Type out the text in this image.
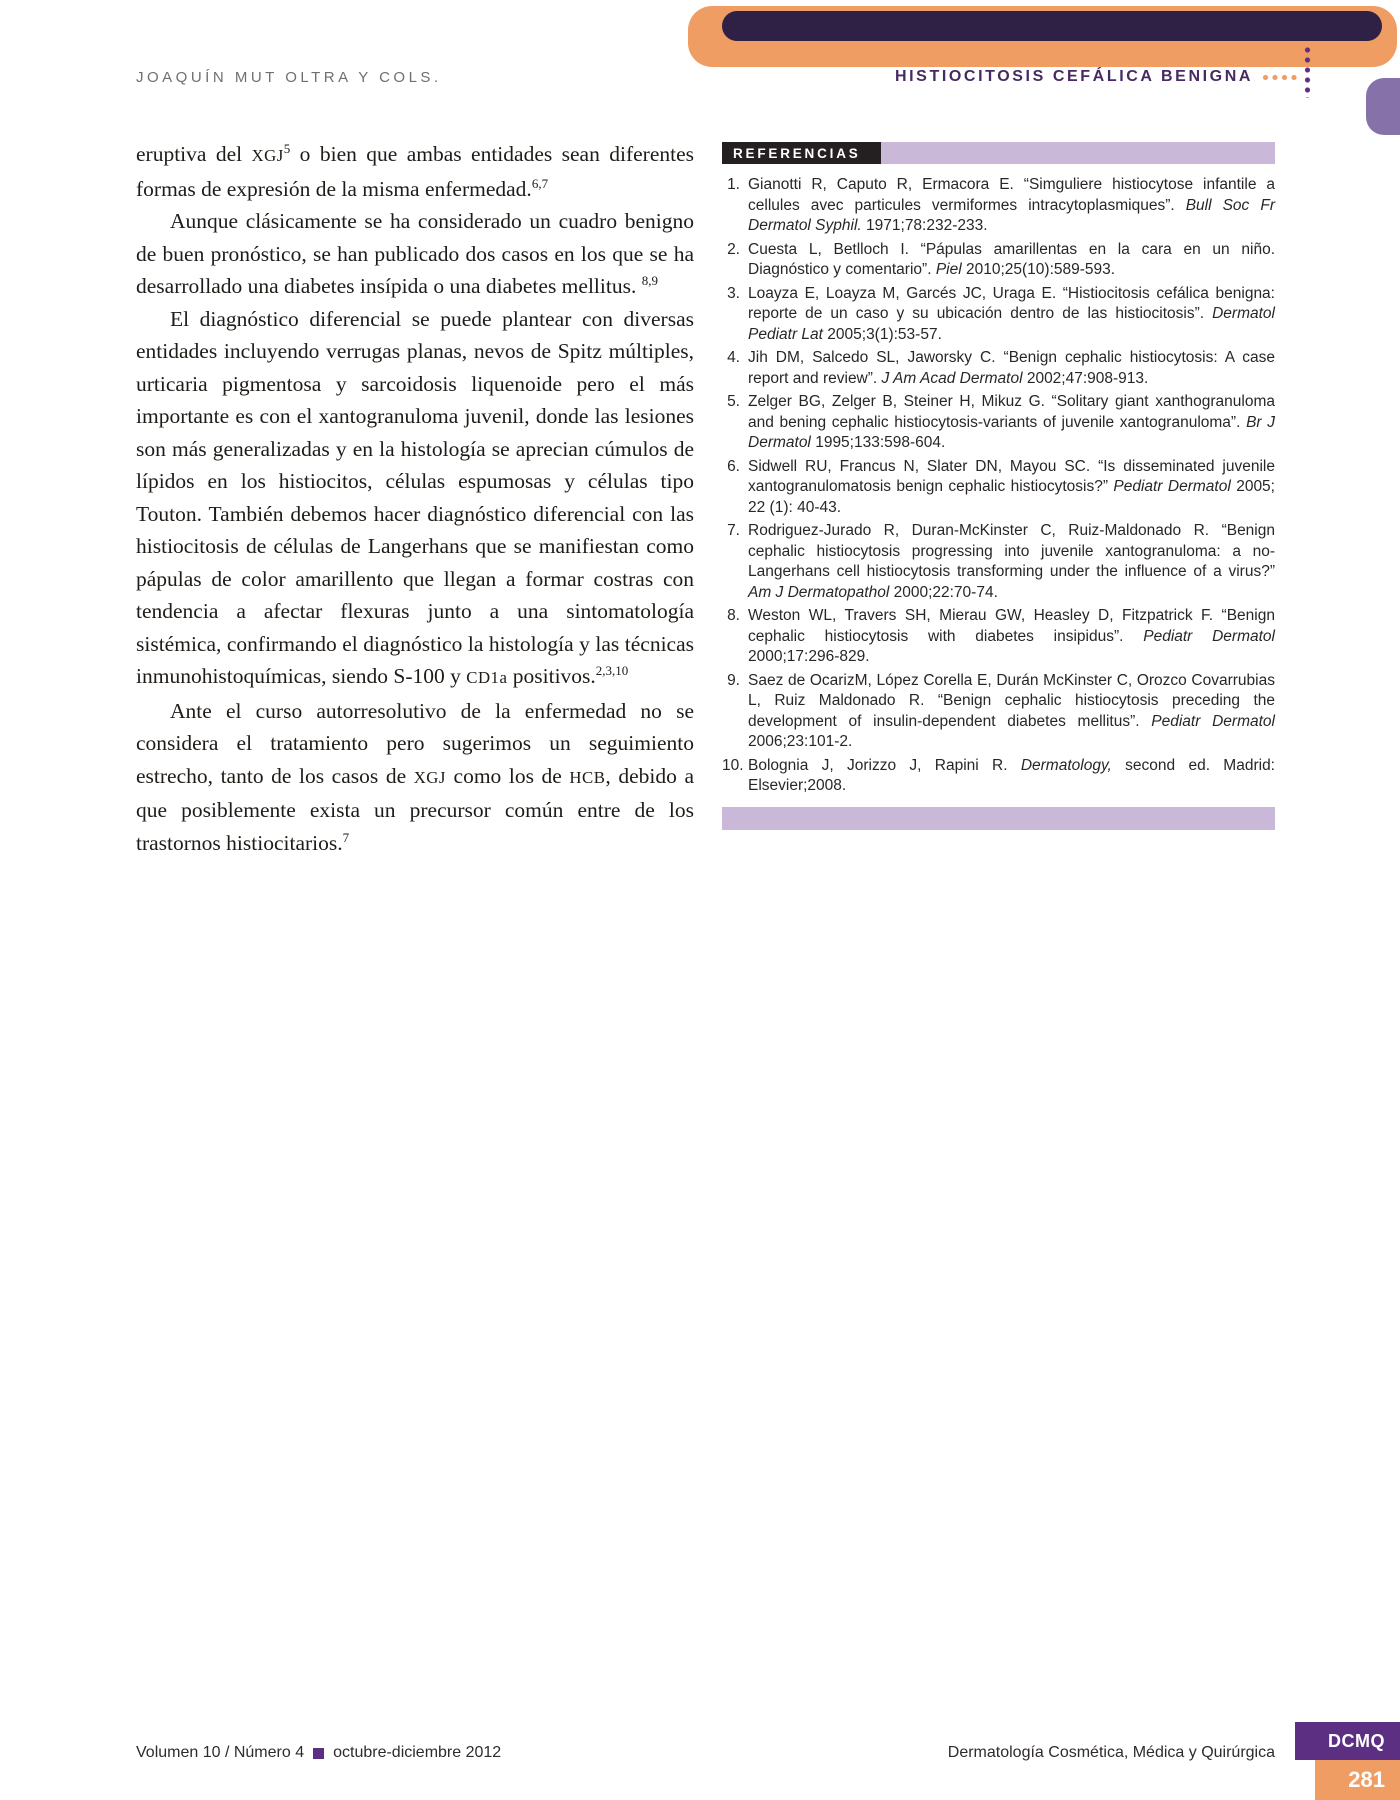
JOAQUÍN MUT OLTRA Y COLS.	HISTIOCITOSIS CEFÁLICA BENIGNA

eruptiva del XGJ$^5$ o bien que ambas entidades sean diferentes formas de expresión de la misma enfermedad.$^{6,7}$

Aunque clásicamente se ha considerado un cuadro benigno de buen pronóstico, se han publicado dos casos en los que se ha desarrollado una diabetes insípida o una diabetes mellitus. $^{8,9}$

El diagnóstico diferencial se puede plantear con diversas entidades incluyendo verrugas planas, nevos de Spitz múltiples, urticaria pigmentosa y sarcoidosis liquenoide pero el más importante es con el xantogranuloma juvenil, donde las lesiones son más generalizadas y en la histología se aprecian cúmulos de lípidos en los histiocitos, células espumosas y células tipo Touton. También debemos hacer diagnóstico diferencial con las histiocitosis de células de Langerhans que se manifiestan como pápulas de color amarillento que llegan a formar costras con tendencia a afectar flexuras junto a una sintomatología sistémica, confirmando el diagnóstico la histología y las técnicas inmunohistoquímicas, siendo S-100 y CD1a positivos.$^{2,3,10}$

Ante el curso autorresolutivo de la enfermedad no se considera el tratamiento pero sugerimos un seguimiento estrecho, tanto de los casos de XGJ como los de HCB, debido a que posiblemente exista un precursor común entre de los trastornos histiocitarios.$^7$

REFERENCIAS
1. Gianotti R, Caputo R, Ermacora E. “Simguliere histiocytose infantile a cellules avec particules vermiformes intracytoplasmiques”. Bull Soc Fr Dermatol Syphil. 1971;78:232-233.
2. Cuesta L, Betlloch I. “Pápulas amarillentas en la cara en un niño. Diagnóstico y comentario”. Piel 2010;25(10):589-593.
3. Loayza E, Loayza M, Garcés JC, Uraga E. “Histiocitosis cefálica benigna: reporte de un caso y su ubicación dentro de las histiocitosis”. Dermatol Pediatr Lat 2005;3(1):53-57.
4. Jih DM, Salcedo SL, Jaworsky C. “Benign cephalic histiocytosis: A case report and review”. J Am Acad Dermatol 2002;47:908-913.
5. Zelger BG, Zelger B, Steiner H, Mikuz G. “Solitary giant xanthogranuloma and bening cephalic histiocytosis-variants of juvenile xantogranuloma”. Br J Dermatol 1995;133:598-604.
6. Sidwell RU, Francus N, Slater DN, Mayou SC. “Is disseminated juvenile xantogranulomatosis benign cephalic histiocytosis?” Pediatr Dermatol 2005; 22 (1): 40-43.
7. Rodriguez-Jurado R, Duran-McKinster C, Ruiz-Maldonado R. “Benign cephalic histiocytosis progressing into juvenile xantogranuloma: a no-Langerhans cell histiocytosis transforming under the influence of a virus?” Am J Dermatopathol 2000;22:70-74.
8. Weston WL, Travers SH, Mierau GW, Heasley D, Fitzpatrick F. “Benign cephalic histiocytosis with diabetes insipidus”. Pediatr Dermatol 2000;17:296-829.
9. Saez de OcarizM, López Corella E, Durán McKinster C, Orozco Covarrubias L, Ruiz Maldonado R. “Benign cephalic histiocytosis preceding the development of insulin-dependent diabetes mellitus”. Pediatr Dermatol 2006;23:101-2.
10. Bolognia J, Jorizzo J, Rapini R. Dermatology, second ed. Madrid: Elsevier;2008.
Volumen 10 / Número 4 octubre-diciembre 2012	Dermatología Cosmética, Médica y Quirúrgica
DCMQ
281
